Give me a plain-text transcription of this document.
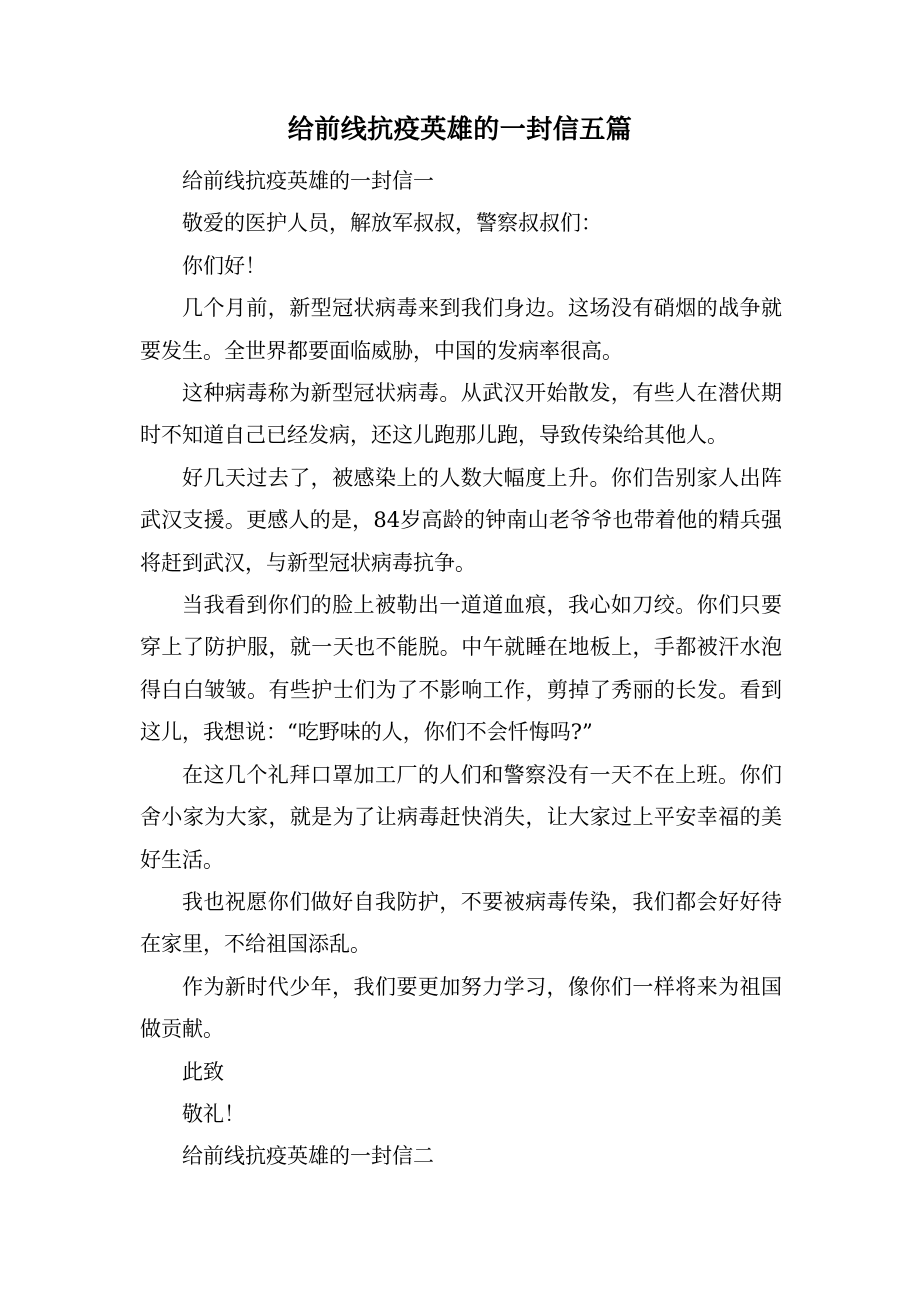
给前线抗疫英雄的一封信五篇

给前线抗疫英雄的一封信一

敬爱的医护人员，解放军叔叔，警察叔叔们：

你们好！

几个月前，新型冠状病毒来到我们身边。这场没有硝烟的战争就要发生。全世界都要面临威胁，中国的发病率很高。

这种病毒称为新型冠状病毒。从武汉开始散发，有些人在潜伏期时不知道自己已经发病，还这儿跑那儿跑，导致传染给其他人。

好几天过去了，被感染上的人数大幅度上升。你们告别家人出阵武汉支援。更感人的是，84岁高龄的钟南山老爷爷也带着他的精兵强将赶到武汉，与新型冠状病毒抗争。

当我看到你们的脸上被勒出一道道血痕，我心如刀绞。你们只要穿上了防护服，就一天也不能脱。中午就睡在地板上，手都被汗水泡得白白皱皱。有些护士们为了不影响工作，剪掉了秀丽的长发。看到这儿，我想说：“吃野味的人，你们不会忏悔吗?”

在这几个礼拜口罩加工厂的人们和警察没有一天不在上班。你们舍小家为大家，就是为了让病毒赶快消失，让大家过上平安幸福的美好生活。

我也祝愿你们做好自我防护，不要被病毒传染，我们都会好好待在家里，不给祖国添乱。

作为新时代少年，我们要更加努力学习，像你们一样将来为祖国做贡献。

此致

敬礼！

给前线抗疫英雄的一封信二
